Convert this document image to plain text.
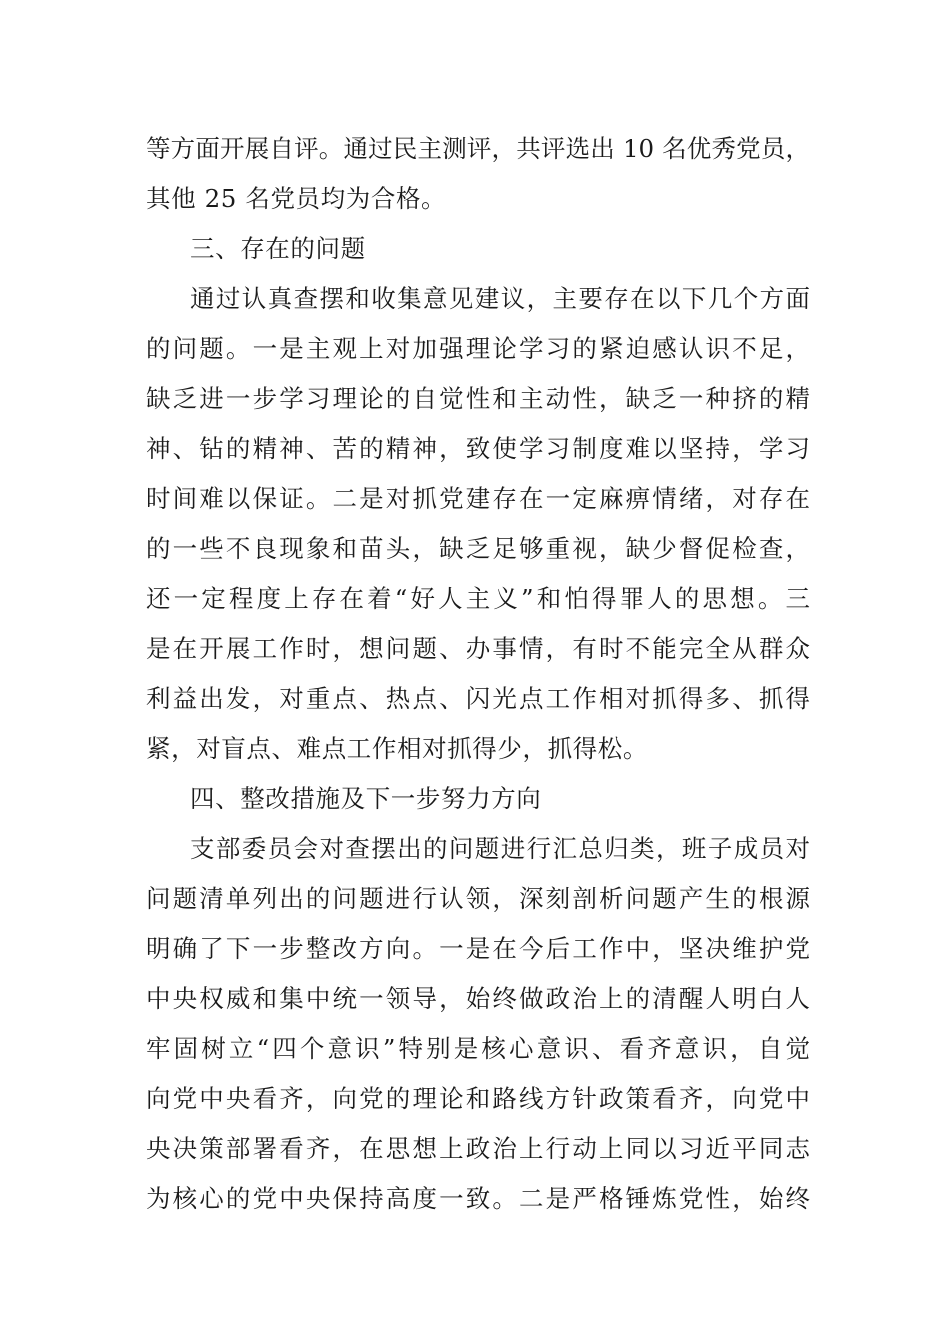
等方面开展自评。通过民主测评，共评选出 10 名优秀党员，
其他 25 名党员均为合格。
三、存在的问题
通过认真查摆和收集意见建议，主要存在以下几个方面
的问题。一是主观上对加强理论学习的紧迫感认识不足，
缺乏进一步学习理论的自觉性和主动性，缺乏一种挤的精
神、钻的精神、苦的精神，致使学习制度难以坚持，学习
时间难以保证。二是对抓党建存在一定麻痹情绪，对存在
的一些不良现象和苗头，缺乏足够重视，缺少督促检查，
还一定程度上存在着“好人主义”和怕得罪人的思想。三
是在开展工作时，想问题、办事情，有时不能完全从群众
利益出发，对重点、热点、闪光点工作相对抓得多、抓得
紧，对盲点、难点工作相对抓得少，抓得松。
四、整改措施及下一步努力方向
支部委员会对查摆出的问题进行汇总归类，班子成员对
问题清单列出的问题进行认领，深刻剖析问题产生的根源
明确了下一步整改方向。一是在今后工作中，坚决维护党
中央权威和集中统一领导，始终做政治上的清醒人明白人
牢固树立“四个意识”特别是核心意识、看齐意识，自觉
向党中央看齐，向党的理论和路线方针政策看齐，向党中
央决策部署看齐，在思想上政治上行动上同以习近平同志
为核心的党中央保持高度一致。二是严格锤炼党性，始终
